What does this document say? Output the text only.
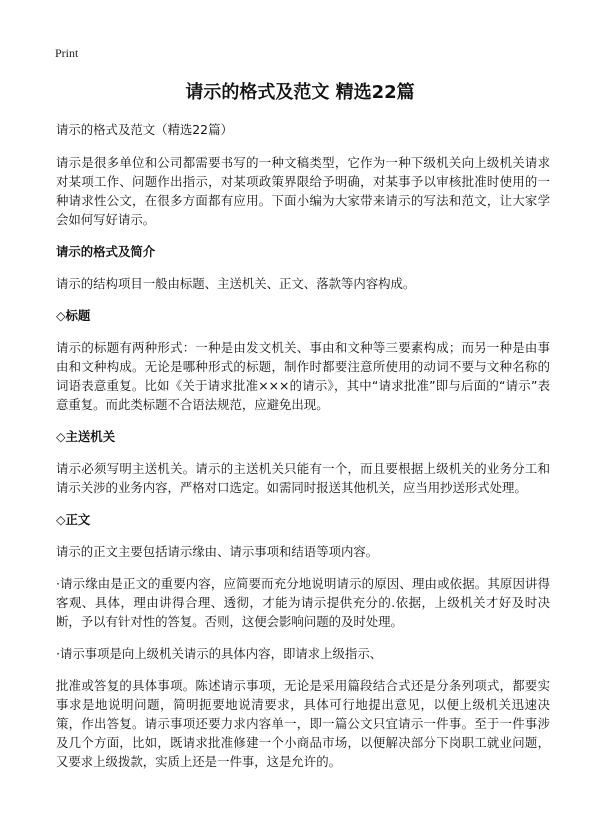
Print
请示的格式及范文 精选22篇

请示的格式及范文（精选22篇）

请示是很多单位和公司都需要书写的一种文稿类型，它作为一种下级机关向上级机关请求对某项工作、问题作出指示，对某项政策界限给予明确，对某事予以审核批准时使用的一种请求性公文，在很多方面都有应用。下面小编为大家带来请示的写法和范文，让大家学会如何写好请示。

请示的格式及简介

请示的结构项目一般由标题、主送机关、正文、落款等内容构成。

◇标题

请示的标题有两种形式：一种是由发文机关、事由和文种等三要素构成；而另一种是由事由和文种构成。无论是哪种形式的标题，制作时都要注意所使用的动词不要与文种名称的词语表意重复。比如《关于请求批准×××的请示》，其中“请求批准”即与后面的“请示”表意重复。而此类标题不合语法规范，应避免出现。

◇主送机关

请示必须写明主送机关。请示的主送机关只能有一个，而且要根据上级机关的业务分工和请示关涉的业务内容，严格对口选定。如需同时报送其他机关，应当用抄送形式处理。

◇正文

请示的正文主要包括请示缘由、请示事项和结语等项内容。

·请示缘由是正文的重要内容，应简要而充分地说明请示的原因、理由或依据。其原因讲得客观、具体，理由讲得合理、透彻，才能为请示提供充分的.依据，上级机关才好及时决断，予以有针对性的答复。否则，这便会影响问题的及时处理。

·请示事项是向上级机关请示的具体内容，即请求上级指示、

批准或答复的具体事项。陈述请示事项，无论是采用篇段结合式还是分条列项式，都要实事求是地说明问题，简明扼要地说清要求，具体可行地提出意见，以便上级机关迅速决策，作出答复。请示事项还要力求内容单一，即一篇公文只宜请示一件事。至于一件事涉及几个方面，比如，既请求批准修建一个小商品市场，以便解决部分下岗职工就业问题，又要求上级拨款，实质上还是一件事，这是允许的。
